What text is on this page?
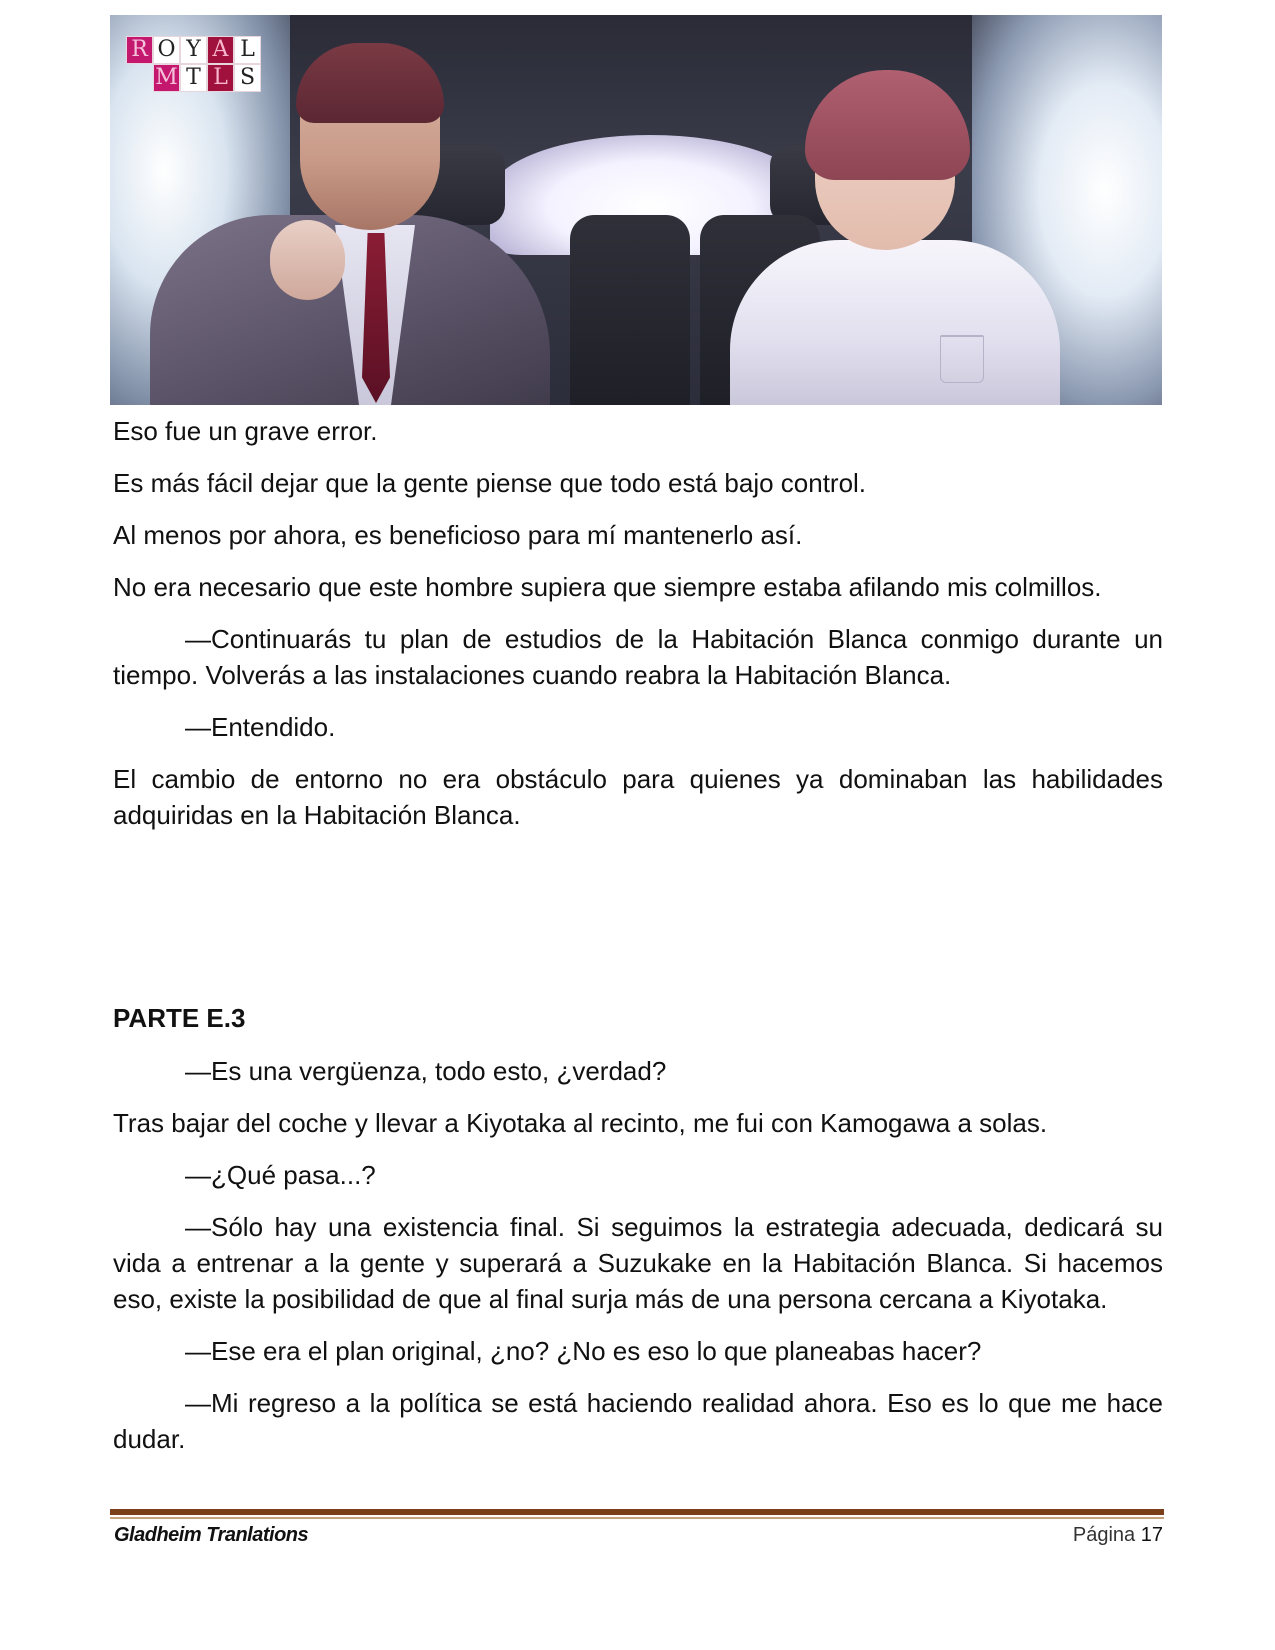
R O Y A L
M T L S

Eso fue un grave error.

Es más fácil dejar que la gente piense que todo está bajo control.

Al menos por ahora, es beneficioso para mí mantenerlo así.

No era necesario que este hombre supiera que siempre estaba afilando mis colmillos.

—Continuarás tu plan de estudios de la Habitación Blanca conmigo durante un tiempo. Volverás a las instalaciones cuando reabra la Habitación Blanca.

—Entendido.

El cambio de entorno no era obstáculo para quienes ya dominaban las habilidades adquiridas en la Habitación Blanca.

PARTE E.3

—Es una vergüenza, todo esto, ¿verdad?

Tras bajar del coche y llevar a Kiyotaka al recinto, me fui con Kamogawa a solas.

—¿Qué pasa...?

—Sólo hay una existencia final. Si seguimos la estrategia adecuada, dedicará su vida a entrenar a la gente y superará a Suzukake en la Habitación Blanca. Si hacemos eso, existe la posibilidad de que al final surja más de una persona cercana a Kiyotaka.

—Ese era el plan original, ¿no? ¿No es eso lo que planeabas hacer?

—Mi regreso a la política se está haciendo realidad ahora. Eso es lo que me hace dudar.

Gladheim Tranlations	Página 17
